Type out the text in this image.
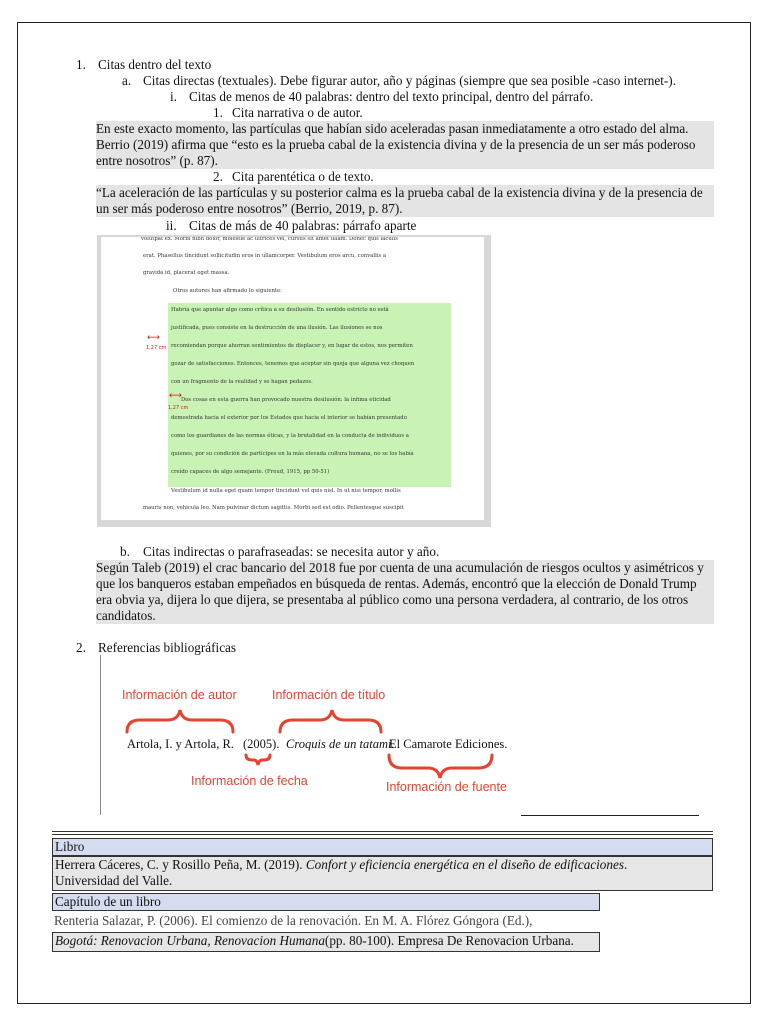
1. Citas dentro del texto
a. Citas directas (textuales). Debe figurar autor, año y páginas (siempre que sea posible -caso internet-).
i. Citas de menos de 40 palabras: dentro del texto principal, dentro del párrafo.
1. Cita narrativa o de autor.
En este exacto momento, las partículas que habían sido aceleradas pasan inmediatamente a otro estado del alma. Berrio (2019) afirma que “esto es la prueba cabal de la existencia divina y de la presencia de un ser más poderoso entre nosotros” (p. 87).
2. Cita parentética o de texto.
“La aceleración de las partículas y su posterior calma es la prueba cabal de la existencia divina y de la presencia de un ser más poderoso entre nosotros” (Berrio, 2019, p. 87).
ii. Citas de más de 40 palabras: párrafo aparte
volutpat ex. Morbi nibh dolor, molestie ac ultrices vel, cursus sit amet ullam. Donec quis iaculis
erat. Phasellus tincidunt sollicitudin eros in ullamcorper. Vestibulum eros arcu, convallis a
gravida id, placerat eget massa.
Otros autores han afirmado lo siguiente:
Habría que apuntar algo como crítica a su desilusión. En sentido estricto no está
justificada, pues consiste en la destrucción de una ilusión. Las ilusiones se nos
recomiendan porque ahorran sentimientos de displacer y, en lugar de estos, nos permiten
gozar de satisfacciones. Entonces, tenemos que aceptar sin queja que alguna vez choquen
con un fragmento de la realidad y se hagan pedazos.
Dos cosas en esta guerra han provocado nuestra desilusión: la ínfima eticidad
demostrada hacia el exterior por los Estados que hacia el interior se habían presentado
como los guardianes de las normas éticas, y la brutalidad en la conducta de individuos a
quienes, por su condición de partícipes en la más elevada cultura humana, no se los había
creído capaces de algo semejante. (Freud, 1915, pp 50-51)
Vestibulum id nulla eget quam tempor tincidunt vel quis nisl. In ut nisi tempor, mollis
mauris non, vehicula leo. Nam pulvinar dictum sagittis. Morbi sed est odio. Pellentesque suscipit
⟷
1,27 cm
⟷
1,27 cm
b. Citas indirectas o parafraseadas: se necesita autor y año.
Según Taleb (2019) el crac bancario del 2018 fue por cuenta de una acumulación de riesgos ocultos y asimétricos y que los banqueros estaban empeñados en búsqueda de rentas. Además, encontró que la elección de Donald Trump era obvia ya, dijera lo que dijera, se presentaba al público como una persona verdadera, al contrario, de los otros candidatos.
2. Referencias bibliográficas
Información de autor	Información de título
Artola, I. y Artola, R. (2005). Croquis de un tatami.
El Camarote Ediciones.
Información de fecha	Información de fuente
Libro
Herrera Cáceres, C. y Rosillo Peña, M. (2019). Confort y eficiencia energética en el diseño de edificaciones.
Universidad del Valle.
Capítulo de un libro
Renteria Salazar, P. (2006). El comienzo de la renovación. En M. A. Flórez Góngora (Ed.),
Bogotá: Renovacion Urbana, Renovacion Humana(pp. 80-100). Empresa De Renovacion Urbana.
